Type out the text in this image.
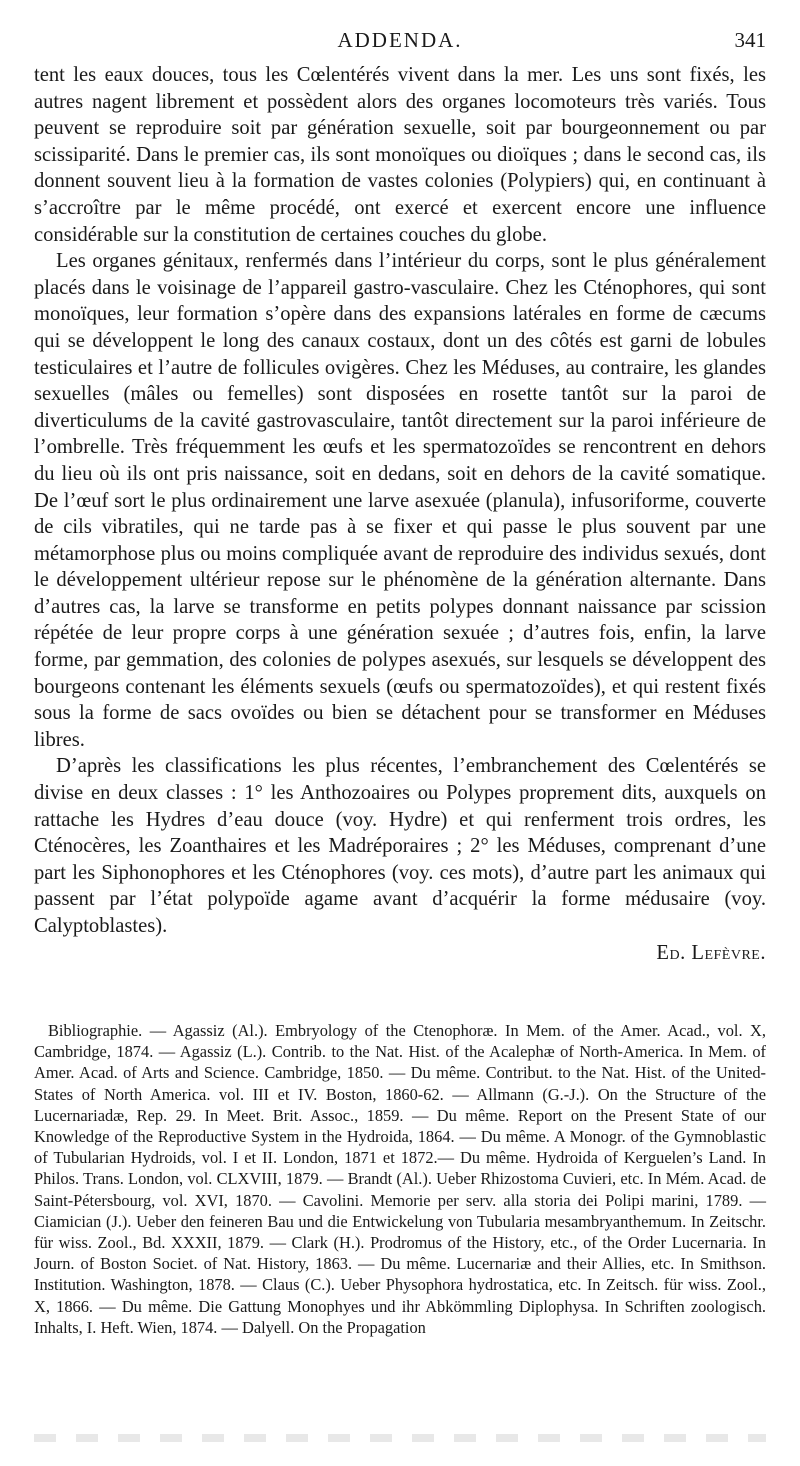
ADDENDA.	341

tent les eaux douces, tous les Cœlentérés vivent dans la mer. Les uns sont fixés, les autres nagent librement et possèdent alors des organes locomoteurs très variés. Tous peuvent se reproduire soit par génération sexuelle, soit par bourgeonnement ou par scissiparité. Dans le premier cas, ils sont monoïques ou dioïques ; dans le second cas, ils donnent souvent lieu à la formation de vastes colonies (Polypiers) qui, en continuant à s’accroître par le même procédé, ont exercé et exercent encore une influence considérable sur la constitution de certaines couches du globe.

Les organes génitaux, renfermés dans l’intérieur du corps, sont le plus généralement placés dans le voisinage de l’appareil gastro-vasculaire. Chez les Cténophores, qui sont monoïques, leur formation s’opère dans des expansions latérales en forme de cæcums qui se développent le long des canaux costaux, dont un des côtés est garni de lobules testiculaires et l’autre de follicules ovigères. Chez les Méduses, au contraire, les glandes sexuelles (mâles ou femelles) sont disposées en rosette tantôt sur la paroi de diverticulums de la cavité gastrovasculaire, tantôt directement sur la paroi inférieure de l’ombrelle. Très fréquemment les œufs et les spermatozoïdes se rencontrent en dehors du lieu où ils ont pris naissance, soit en dedans, soit en dehors de la cavité somatique. De l’œuf sort le plus ordinairement une larve asexuée (planula), infusoriforme, couverte de cils vibratiles, qui ne tarde pas à se fixer et qui passe le plus souvent par une métamorphose plus ou moins compliquée avant de reproduire des individus sexués, dont le développement ultérieur repose sur le phénomène de la génération alternante. Dans d’autres cas, la larve se transforme en petits polypes donnant naissance par scission répétée de leur propre corps à une génération sexuée ; d’autres fois, enfin, la larve forme, par gemmation, des colonies de polypes asexués, sur lesquels se développent des bourgeons contenant les éléments sexuels (œufs ou spermatozoïdes), et qui restent fixés sous la forme de sacs ovoïdes ou bien se détachent pour se transformer en Méduses libres.

D’après les classifications les plus récentes, l’embranchement des Cœlentérés se divise en deux classes : 1° les Anthozoaires ou Polypes proprement dits, auxquels on rattache les Hydres d’eau douce (voy. Hydre) et qui renferment trois ordres, les Cténocères, les Zoanthaires et les Madréporaires ; 2° les Méduses, comprenant d’une part les Siphonophores et les Cténophores (voy. ces mots), d’autre part les animaux qui passent par l’état polypoïde agame avant d’acquérir la forme médusaire (voy. Calyptoblastes).

Ed. Lefèvre.
Bibliographie. — Agassiz (Al.). Embryology of the Ctenophoræ. In Mem. of the Amer. Acad., vol. X, Cambridge, 1874. — Agassiz (L.). Contrib. to the Nat. Hist. of the Acalephæ of North-America. In Mem. of Amer. Acad. of Arts and Science. Cambridge, 1850. — Du même. Contribut. to the Nat. Hist. of the United-States of North America. vol. III et IV. Boston, 1860-62. — Allmann (G.-J.). On the Structure of the Lucernariadæ, Rep. 29. In Meet. Brit. Assoc., 1859. — Du même. Report on the Present State of our Knowledge of the Reproductive System in the Hydroida, 1864. — Du même. A Monogr. of the Gymnoblastic of Tubularian Hydroids, vol. I et II. London, 1871 et 1872.— Du même. Hydroida of Kerguelen’s Land. In Philos. Trans. London, vol. CLXVIII, 1879. — Brandt (Al.). Ueber Rhizostoma Cuvieri, etc. In Mém. Acad. de Saint-Pétersbourg, vol. XVI, 1870. — Cavolini. Memorie per serv. alla storia dei Polipi marini, 1789. — Ciamician (J.). Ueber den feineren Bau und die Entwickelung von Tubularia mesambryanthemum. In Zeitschr. für wiss. Zool., Bd. XXXII, 1879. — Clark (H.). Prodromus of the History, etc., of the Order Lucernaria. In Journ. of Boston Societ. of Nat. History, 1863. — Du même. Lucernariæ and their Allies, etc. In Smithson. Institution. Washington, 1878. — Claus (C.). Ueber Physophora hydrostatica, etc. In Zeitsch. für wiss. Zool., X, 1866. — Du même. Die Gattung Monophyes und ihr Abkömmling Diplophysa. In Schriften zoologisch. Inhalts, I. Heft. Wien, 1874. — Dalyell. On the Propagation
